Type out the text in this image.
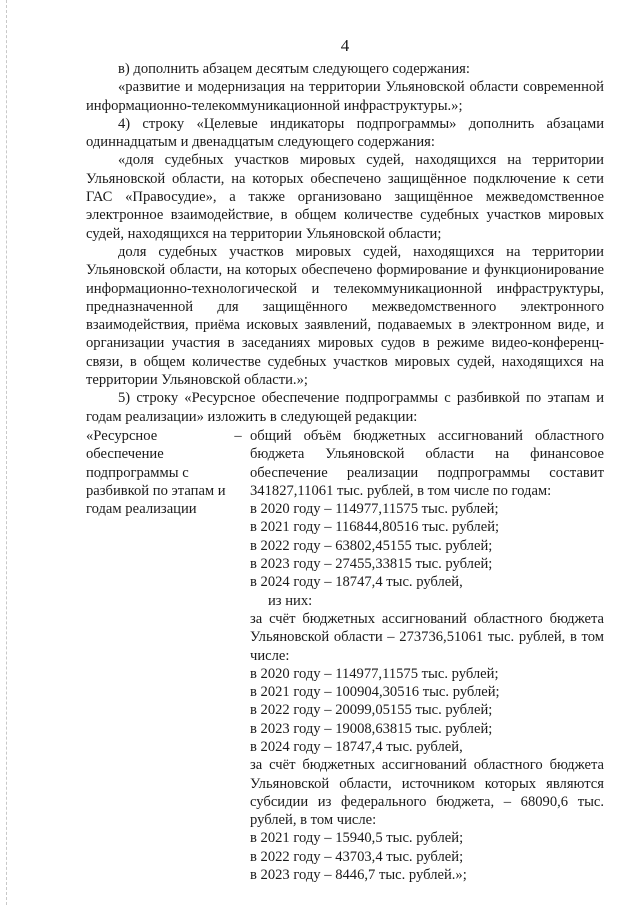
4

в) дополнить абзацем десятым следующего содержания:

«развитие и модернизация на территории Ульяновской области современной информационно-телекоммуникационной инфраструктуры.»;

4) строку «Целевые индикаторы подпрограммы» дополнить абзацами одиннадцатым и двенадцатым следующего содержания:

«доля судебных участков мировых судей, находящихся на территории Ульяновской области, на которых обеспечено защищённое подключение к сети ГАС «Правосудие», а также организовано защищённое межведомственное электронное взаимодействие, в общем количестве судебных участков мировых судей, находящихся на территории Ульяновской области;

доля судебных участков мировых судей, находящихся на территории Ульяновской области, на которых обеспечено формирование и функционирование информационно-технологической и телекоммуникационной инфраструктуры, предназначенной для защищённого межведомственного электронного взаимодействия, приёма исковых заявлений, подаваемых в электронном виде, и организации участия в заседаниях мировых судов в режиме видео-конференц-связи, в общем количестве судебных участков мировых судей, находящихся на территории Ульяновской области.»;

5) строку «Ресурсное обеспечение подпрограммы с разбивкой по этапам и годам реализации» изложить в следующей редакции:

«Ресурсное обеспечение подпрограммы с разбивкой по этапам и годам реализации
– общий объём бюджетных ассигнований областного бюджета Ульяновской области на финансовое обеспечение реализации подпрограммы составит 341827,11061 тыс. рублей, в том числе по годам:

в 2020 году – 114977,11575 тыс. рублей;
в 2021 году – 116844,80516 тыс. рублей;
в 2022 году – 63802,45155 тыс. рублей;
в 2023 году – 27455,33815 тыс. рублей;
в 2024 году – 18747,4 тыс. рублей,
из них:

за счёт бюджетных ассигнований областного бюджета Ульяновской области – 273736,51061 тыс. рублей, в том числе:

в 2020 году – 114977,11575 тыс. рублей;
в 2021 году – 100904,30516 тыс. рублей;
в 2022 году – 20099,05155 тыс. рублей;
в 2023 году – 19008,63815 тыс. рублей;
в 2024 году – 18747,4 тыс. рублей,

за счёт бюджетных ассигнований областного бюджета Ульяновской области, источником которых являются субсидии из федерального бюджета, – 68090,6 тыс. рублей, в том числе:

в 2021 году – 15940,5 тыс. рублей;
в 2022 году – 43703,4 тыс. рублей;
в 2023 году – 8446,7 тыс. рублей.»;
